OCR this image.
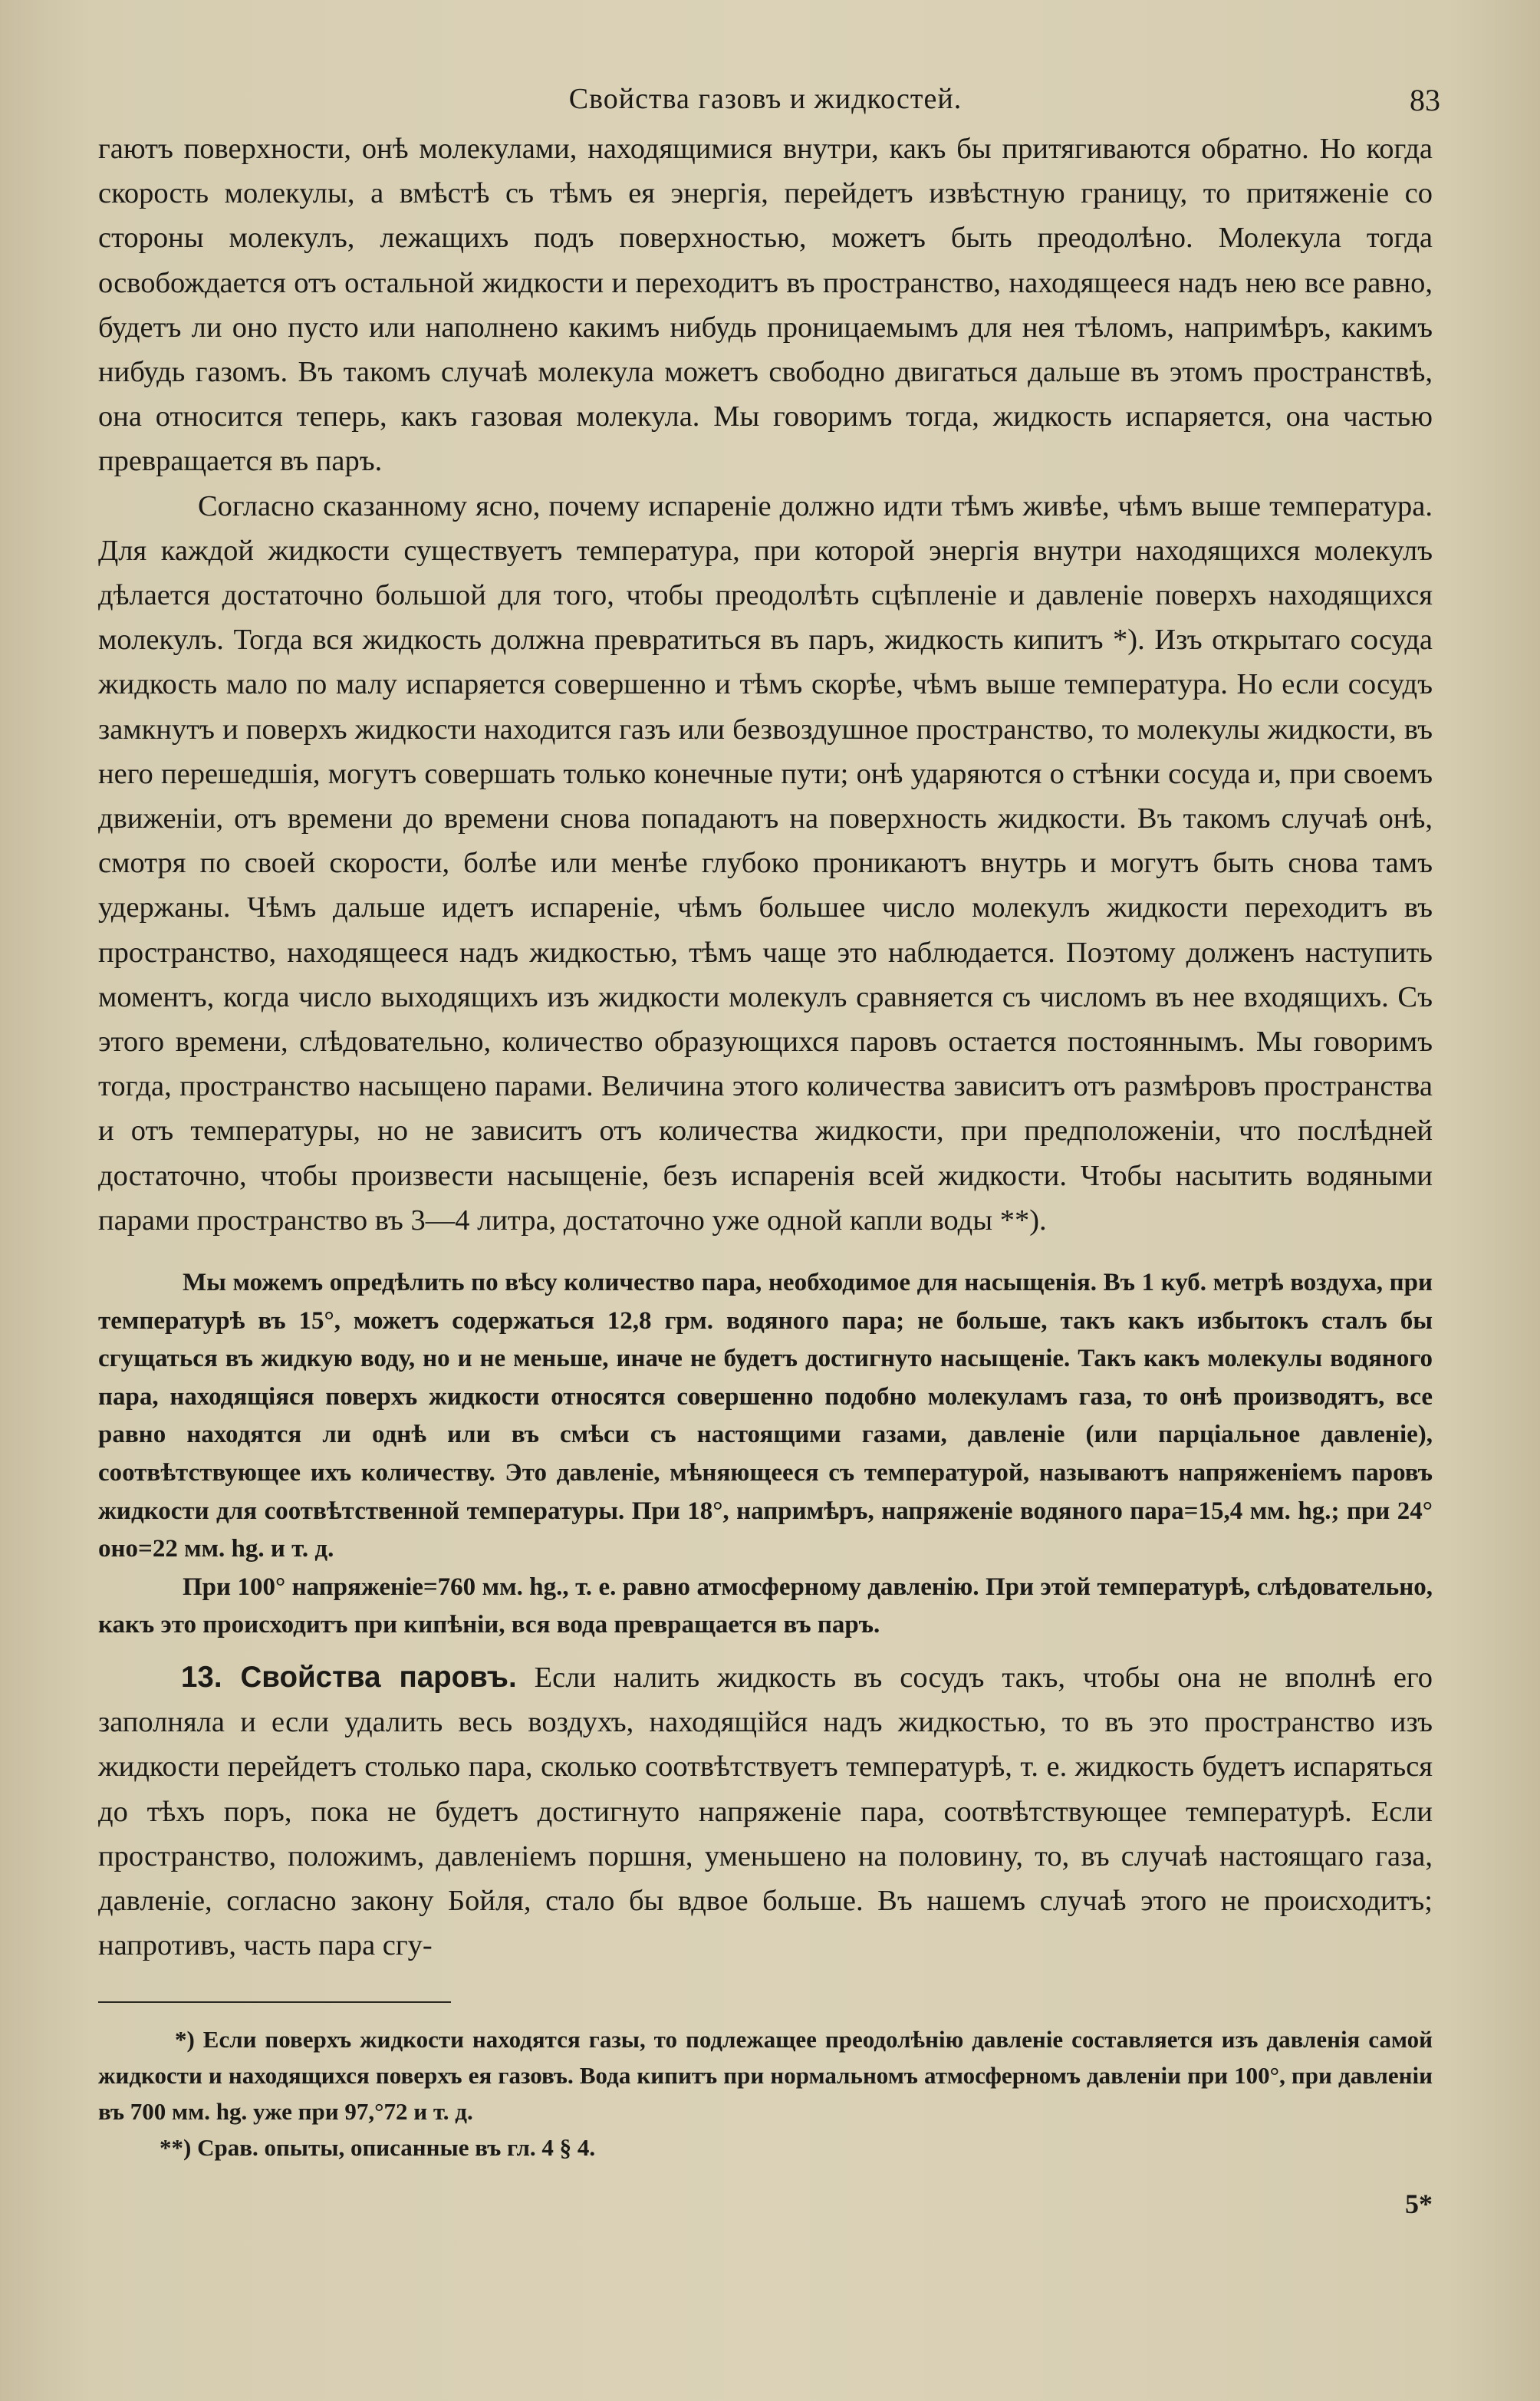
Свойства газовъ и жидкостей.	83

гаютъ поверхности, онѣ молекулами, находящимися внутри, какъ бы притягиваются обратно. Но когда скорость молекулы, а вмѣстѣ съ тѣмъ ея энергія, перейдетъ извѣстную границу, то притяженіе со стороны молекулъ, лежащихъ подъ поверхностью, можетъ быть преодолѣно. Молекула тогда освобождается отъ остальной жидкости и переходитъ въ пространство, находящееся надъ нею все равно, будетъ ли оно пусто или наполнено какимъ нибудь проницаемымъ для нея тѣломъ, напримѣръ, какимъ нибудь газомъ. Въ такомъ случаѣ молекула можетъ свободно двигаться дальше въ этомъ пространствѣ, она относится теперь, какъ газовая молекула. Мы говоримъ тогда, жидкость испаряется, она частью превращается въ паръ.

Согласно сказанному ясно, почему испареніе должно идти тѣмъ живѣе, чѣмъ выше температура. Для каждой жидкости существуетъ температура, при которой энергія внутри находящихся молекулъ дѣлается достаточно большой для того, чтобы преодолѣть сцѣпленіе и давленіе поверхъ находящихся молекулъ. Тогда вся жидкость должна превратиться въ паръ, жидкость кипитъ *). Изъ открытаго сосуда жидкость мало по малу испаряется совершенно и тѣмъ скорѣе, чѣмъ выше температура. Но если сосудъ замкнутъ и поверхъ жидкости находится газъ или безвоздушное пространство, то молекулы жидкости, въ него перешедшія, могутъ совершать только конечные пути; онѣ ударяются о стѣнки сосуда и, при своемъ движеніи, отъ времени до времени снова попадаютъ на поверхность жидкости. Въ такомъ случаѣ онѣ, смотря по своей скорости, болѣе или менѣе глубоко проникаютъ внутрь и могутъ быть снова тамъ удержаны. Чѣмъ дальше идетъ испареніе, чѣмъ большее число молекулъ жидкости переходитъ въ пространство, находящееся надъ жидкостью, тѣмъ чаще это наблюдается. Поэтому долженъ наступить моментъ, когда число выходящихъ изъ жидкости молекулъ сравняется съ числомъ въ нее входящихъ. Съ этого времени, слѣдовательно, количество образующихся паровъ остается постояннымъ. Мы говоримъ тогда, пространство насыщено парами. Величина этого количества зависитъ отъ размѣровъ пространства и отъ температуры, но не зависитъ отъ количества жидкости, при предположеніи, что послѣдней достаточно, чтобы произвести насыщеніе, безъ испаренія всей жидкости. Чтобы насытить водяными парами пространство въ 3—4 литра, достаточно уже одной капли воды **).

Мы можемъ опредѣлить по вѣсу количество пара, необходимое для насыщенія. Въ 1 куб. метрѣ воздуха, при температурѣ въ 15°, можетъ содержаться 12,8 грм. водяного пара; не больше, такъ какъ избытокъ сталъ бы сгущаться въ жидкую воду, но и не меньше, иначе не будетъ достигнуто насыщеніе. Такъ какъ молекулы водяного пара, находящіяся поверхъ жидкости относятся совершенно подобно молекуламъ газа, то онѣ производятъ, все равно находятся ли однѣ или въ смѣси съ настоящими газами, давленіе (или парціальное давленіе), соотвѣтствующее ихъ количеству. Это давленіе, мѣняющееся съ температурой, называютъ напряженіемъ паровъ жидкости для соотвѣтственной температуры. При 18°, напримѣръ, напряженіе водяного пара=15,4 мм. hg.; при 24° оно=22 мм. hg. и т. д.

При 100° напряженіе=760 мм. hg., т. е. равно атмосферному давленію. При этой температурѣ, слѣдовательно, какъ это происходитъ при кипѣніи, вся вода превращается въ паръ.

13. Свойства паровъ. Если налить жидкость въ сосудъ такъ, чтобы она не вполнѣ его заполняла и если удалить весь воздухъ, находящійся надъ жидкостью, то въ это пространство изъ жидкости перейдетъ столько пара, сколько соотвѣтствуетъ температурѣ, т. е. жидкость будетъ испаряться до тѣхъ поръ, пока не будетъ достигнуто напряженіе пара, соотвѣтствующее температурѣ. Если пространство, положимъ, давленіемъ поршня, уменьшено на половину, то, въ случаѣ настоящаго газа, давленіе, согласно закону Бойля, стало бы вдвое больше. Въ нашемъ случаѣ этого не происходитъ; напротивъ, часть пара сгу-

*) Если поверхъ жидкости находятся газы, то подлежащее преодолѣнію давленіе составляется изъ давленія самой жидкости и находящихся поверхъ ея газовъ. Вода кипитъ при нормальномъ атмосферномъ давленіи при 100°, при давленіи въ 700 мм. hg. уже при 97,°72 и т. д.

**) Срав. опыты, описанные въ гл. 4 § 4.

5*
